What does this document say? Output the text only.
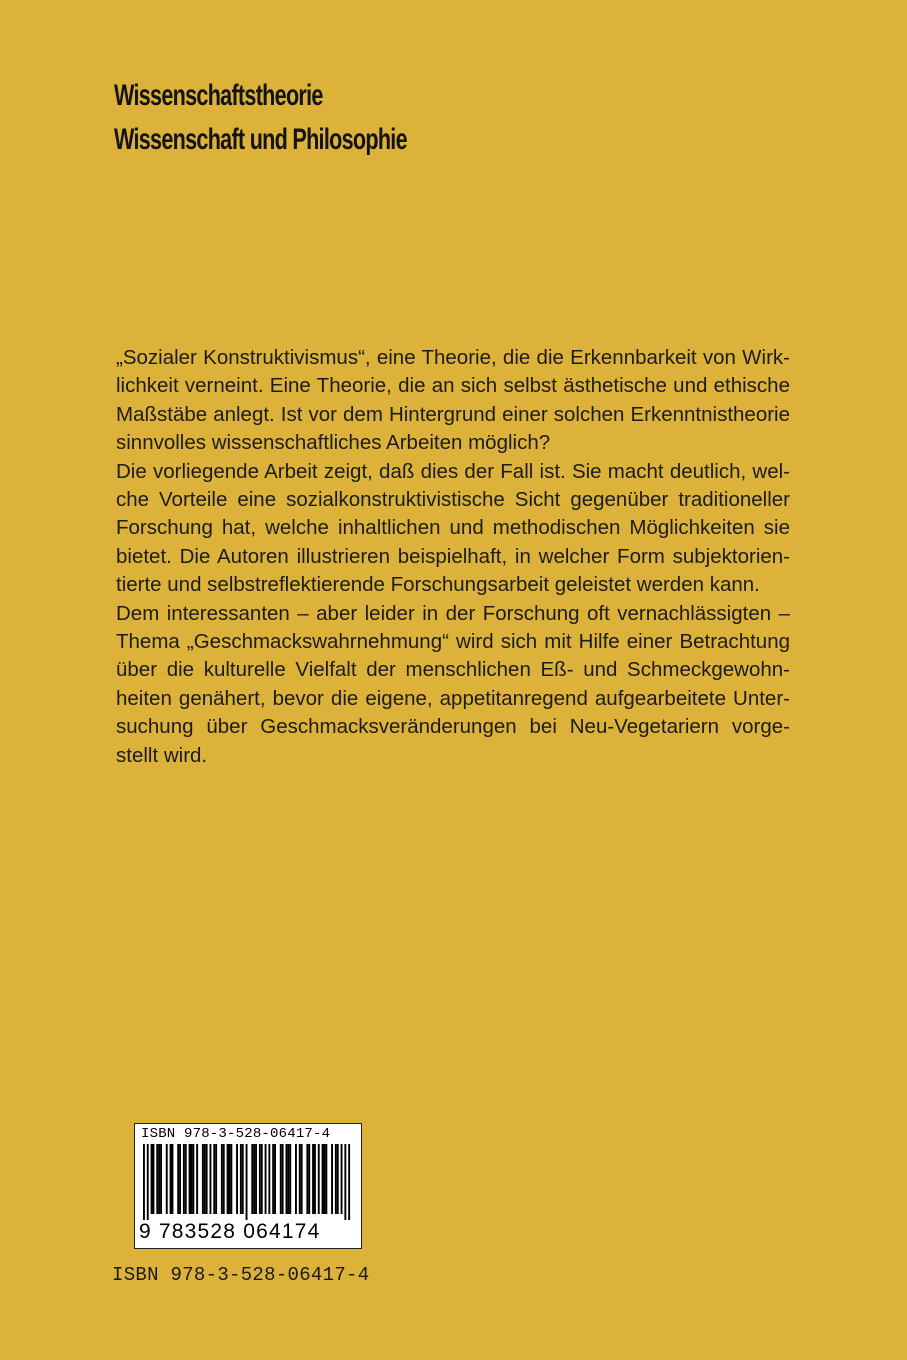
Wissenschaftstheorie
Wissenschaft und Philosophie
„Sozialer Konstruktivismus“, eine Theorie, die die Erkennbarkeit von Wirk-
lichkeit verneint. Eine Theorie, die an sich selbst ästhetische und ethische
Maßstäbe anlegt. Ist vor dem Hintergrund einer solchen Erkenntnistheorie
sinnvolles wissenschaftliches Arbeiten möglich?
Die vorliegende Arbeit zeigt, daß dies der Fall ist. Sie macht deutlich, wel-
che Vorteile eine sozialkonstruktivistische Sicht gegenüber traditioneller
Forschung hat, welche inhaltlichen und methodischen Möglichkeiten sie
bietet. Die Autoren illustrieren beispielhaft, in welcher Form subjektorien-
tierte und selbstreflektierende Forschungsarbeit geleistet werden kann.
Dem interessanten – aber leider in der Forschung oft vernachlässigten –
Thema „Geschmackswahrnehmung“ wird sich mit Hilfe einer Betrachtung
über die kulturelle Vielfalt der menschlichen Eß- und Schmeckgewohn-
heiten genähert, bevor die eigene, appetitanregend aufgearbeitete Unter-
suchung über Geschmacksveränderungen bei Neu-Vegetariern vorge-
stellt wird.
ISBN 978-3-528-06417-4
9 783528 064174
ISBN 978-3-528-06417-4
